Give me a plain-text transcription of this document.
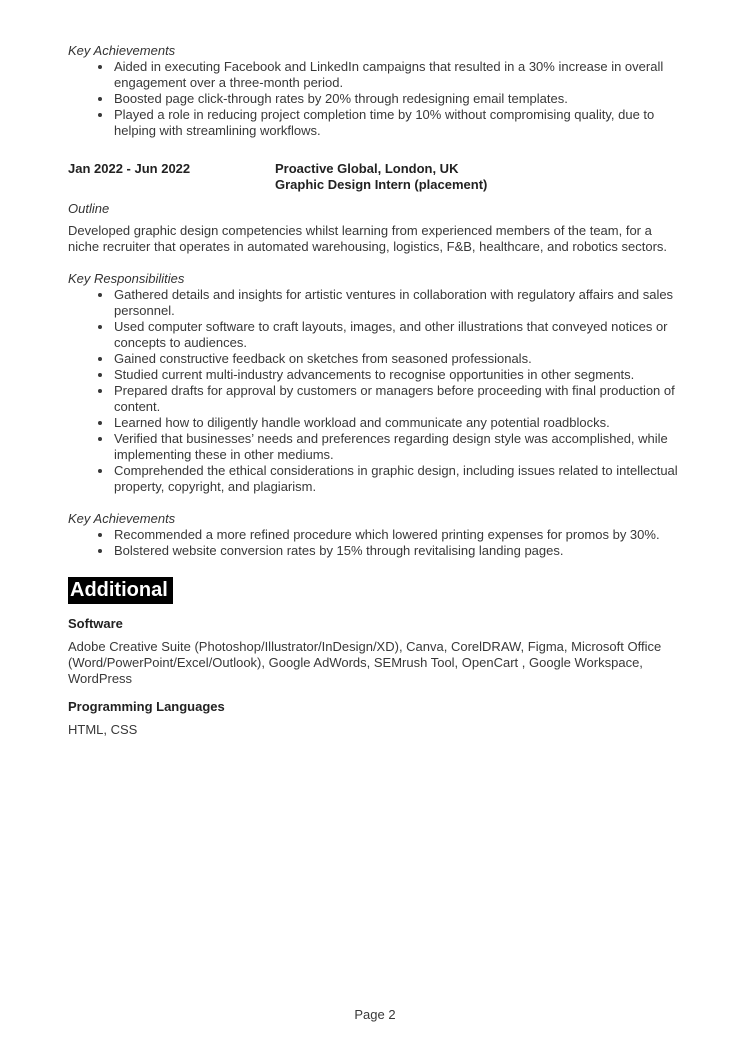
Key Achievements
• Aided in executing Facebook and LinkedIn campaigns that resulted in a 30% increase in overall engagement over a three-month period.
• Boosted page click-through rates by 20% through redesigning email templates.
• Played a role in reducing project completion time by 10% without compromising quality, due to helping with streamlining workflows.
Jan 2022 - Jun 2022	Proactive Global, London, UK
Graphic Design Intern (placement)
Outline

Developed graphic design competencies whilst learning from experienced members of the team, for a niche recruiter that operates in automated warehousing, logistics, F&B, healthcare, and robotics sectors.

Key Responsibilities
• Gathered details and insights for artistic ventures in collaboration with regulatory affairs and sales personnel.
• Used computer software to craft layouts, images, and other illustrations that conveyed notices or concepts to audiences.
• Gained constructive feedback on sketches from seasoned professionals.
• Studied current multi-industry advancements to recognise opportunities in other segments.
• Prepared drafts for approval by customers or managers before proceeding with final production of content.
• Learned how to diligently handle workload and communicate any potential roadblocks.
• Verified that businesses’ needs and preferences regarding design style was accomplished, while implementing these in other mediums.
• Comprehended the ethical considerations in graphic design, including issues related to intellectual property, copyright, and plagiarism.
Key Achievements
• Recommended a more refined procedure which lowered printing expenses for promos by 30%.
• Bolstered website conversion rates by 15% through revitalising landing pages.
Additional
Software

Adobe Creative Suite (Photoshop/Illustrator/InDesign/XD), Canva, CorelDRAW, Figma, Microsoft Office (Word/PowerPoint/Excel/Outlook), Google AdWords, SEMrush Tool, OpenCart , Google Workspace, WordPress

Programming Languages

HTML, CSS

Page 2
